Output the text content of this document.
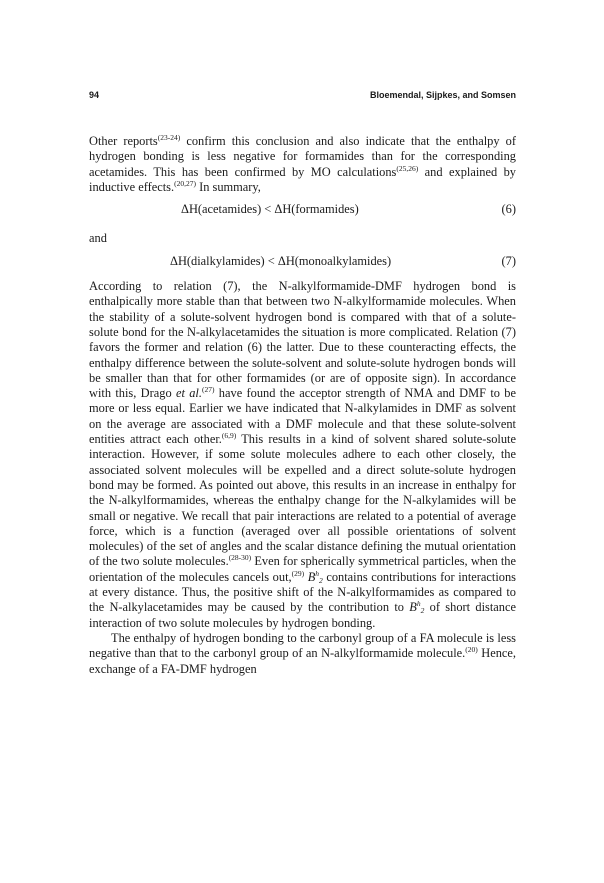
94	Bloemendal, Sijpkes, and Somsen

Other reports$^{(23-24)}$ confirm this conclusion and also indicate that the enthalpy of hydrogen bonding is less negative for formamides than for the corresponding acetamides. This has been confirmed by MO calculations$^{(25,26)}$ and explained by inductive effects.$^{(20,27)}$ In summary,

ΔH(acetamides) < ΔH(formamides)	(6)
and
ΔH(dialkylamides) < ΔH(monoalkylamides)	(7)

According to relation (7), the N-alkylformamide-DMF hydrogen bond is enthalpically more stable than that between two N-alkylformamide molecules. When the stability of a solute-solvent hydrogen bond is compared with that of a solute-solute bond for the N-alkylacetamides the situation is more complicated. Relation (7) favors the former and relation (6) the latter. Due to these counteracting effects, the enthalpy difference between the solute-solvent and solute-solute hydrogen bonds will be smaller than that for other formamides (or are of opposite sign). In accordance with this, Drago et al.$^{(27)}$ have found the acceptor strength of NMA and DMF to be more or less equal. Earlier we have indicated that N-alkylamides in DMF as solvent on the average are associated with a DMF molecule and that these solute-solvent entities attract each other.$^{(6,9)}$ This results in a kind of solvent shared solute-solute interaction. However, if some solute molecules adhere to each other closely, the associated solvent molecules will be expelled and a direct solute-solute hydrogen bond may be formed. As pointed out above, this results in an increase in enthalpy for the N-alkylformamides, whereas the enthalpy change for the N-alkylamides will be small or negative. We recall that pair interactions are related to a potential of average force, which is a function (averaged over all possible orientations of solvent molecules) of the set of angles and the scalar distance defining the mutual orientation of the two solute molecules.$^{(28-30)}$ Even for spherically symmetrical particles, when the orientation of the molecules cancels out,$^{(29)}$ $B^h_2$ contains contributions for interactions at every distance. Thus, the positive shift of the N-alkylformamides as compared to the N-alkylacetamides may be caused by the contribution to $B^h_2$ of short distance interaction of two solute molecules by hydrogen bonding.

The enthalpy of hydrogen bonding to the carbonyl group of a FA molecule is less negative than that to the carbonyl group of an N-alkylformamide molecule.$^{(20)}$ Hence, exchange of a FA-DMF hydrogen
